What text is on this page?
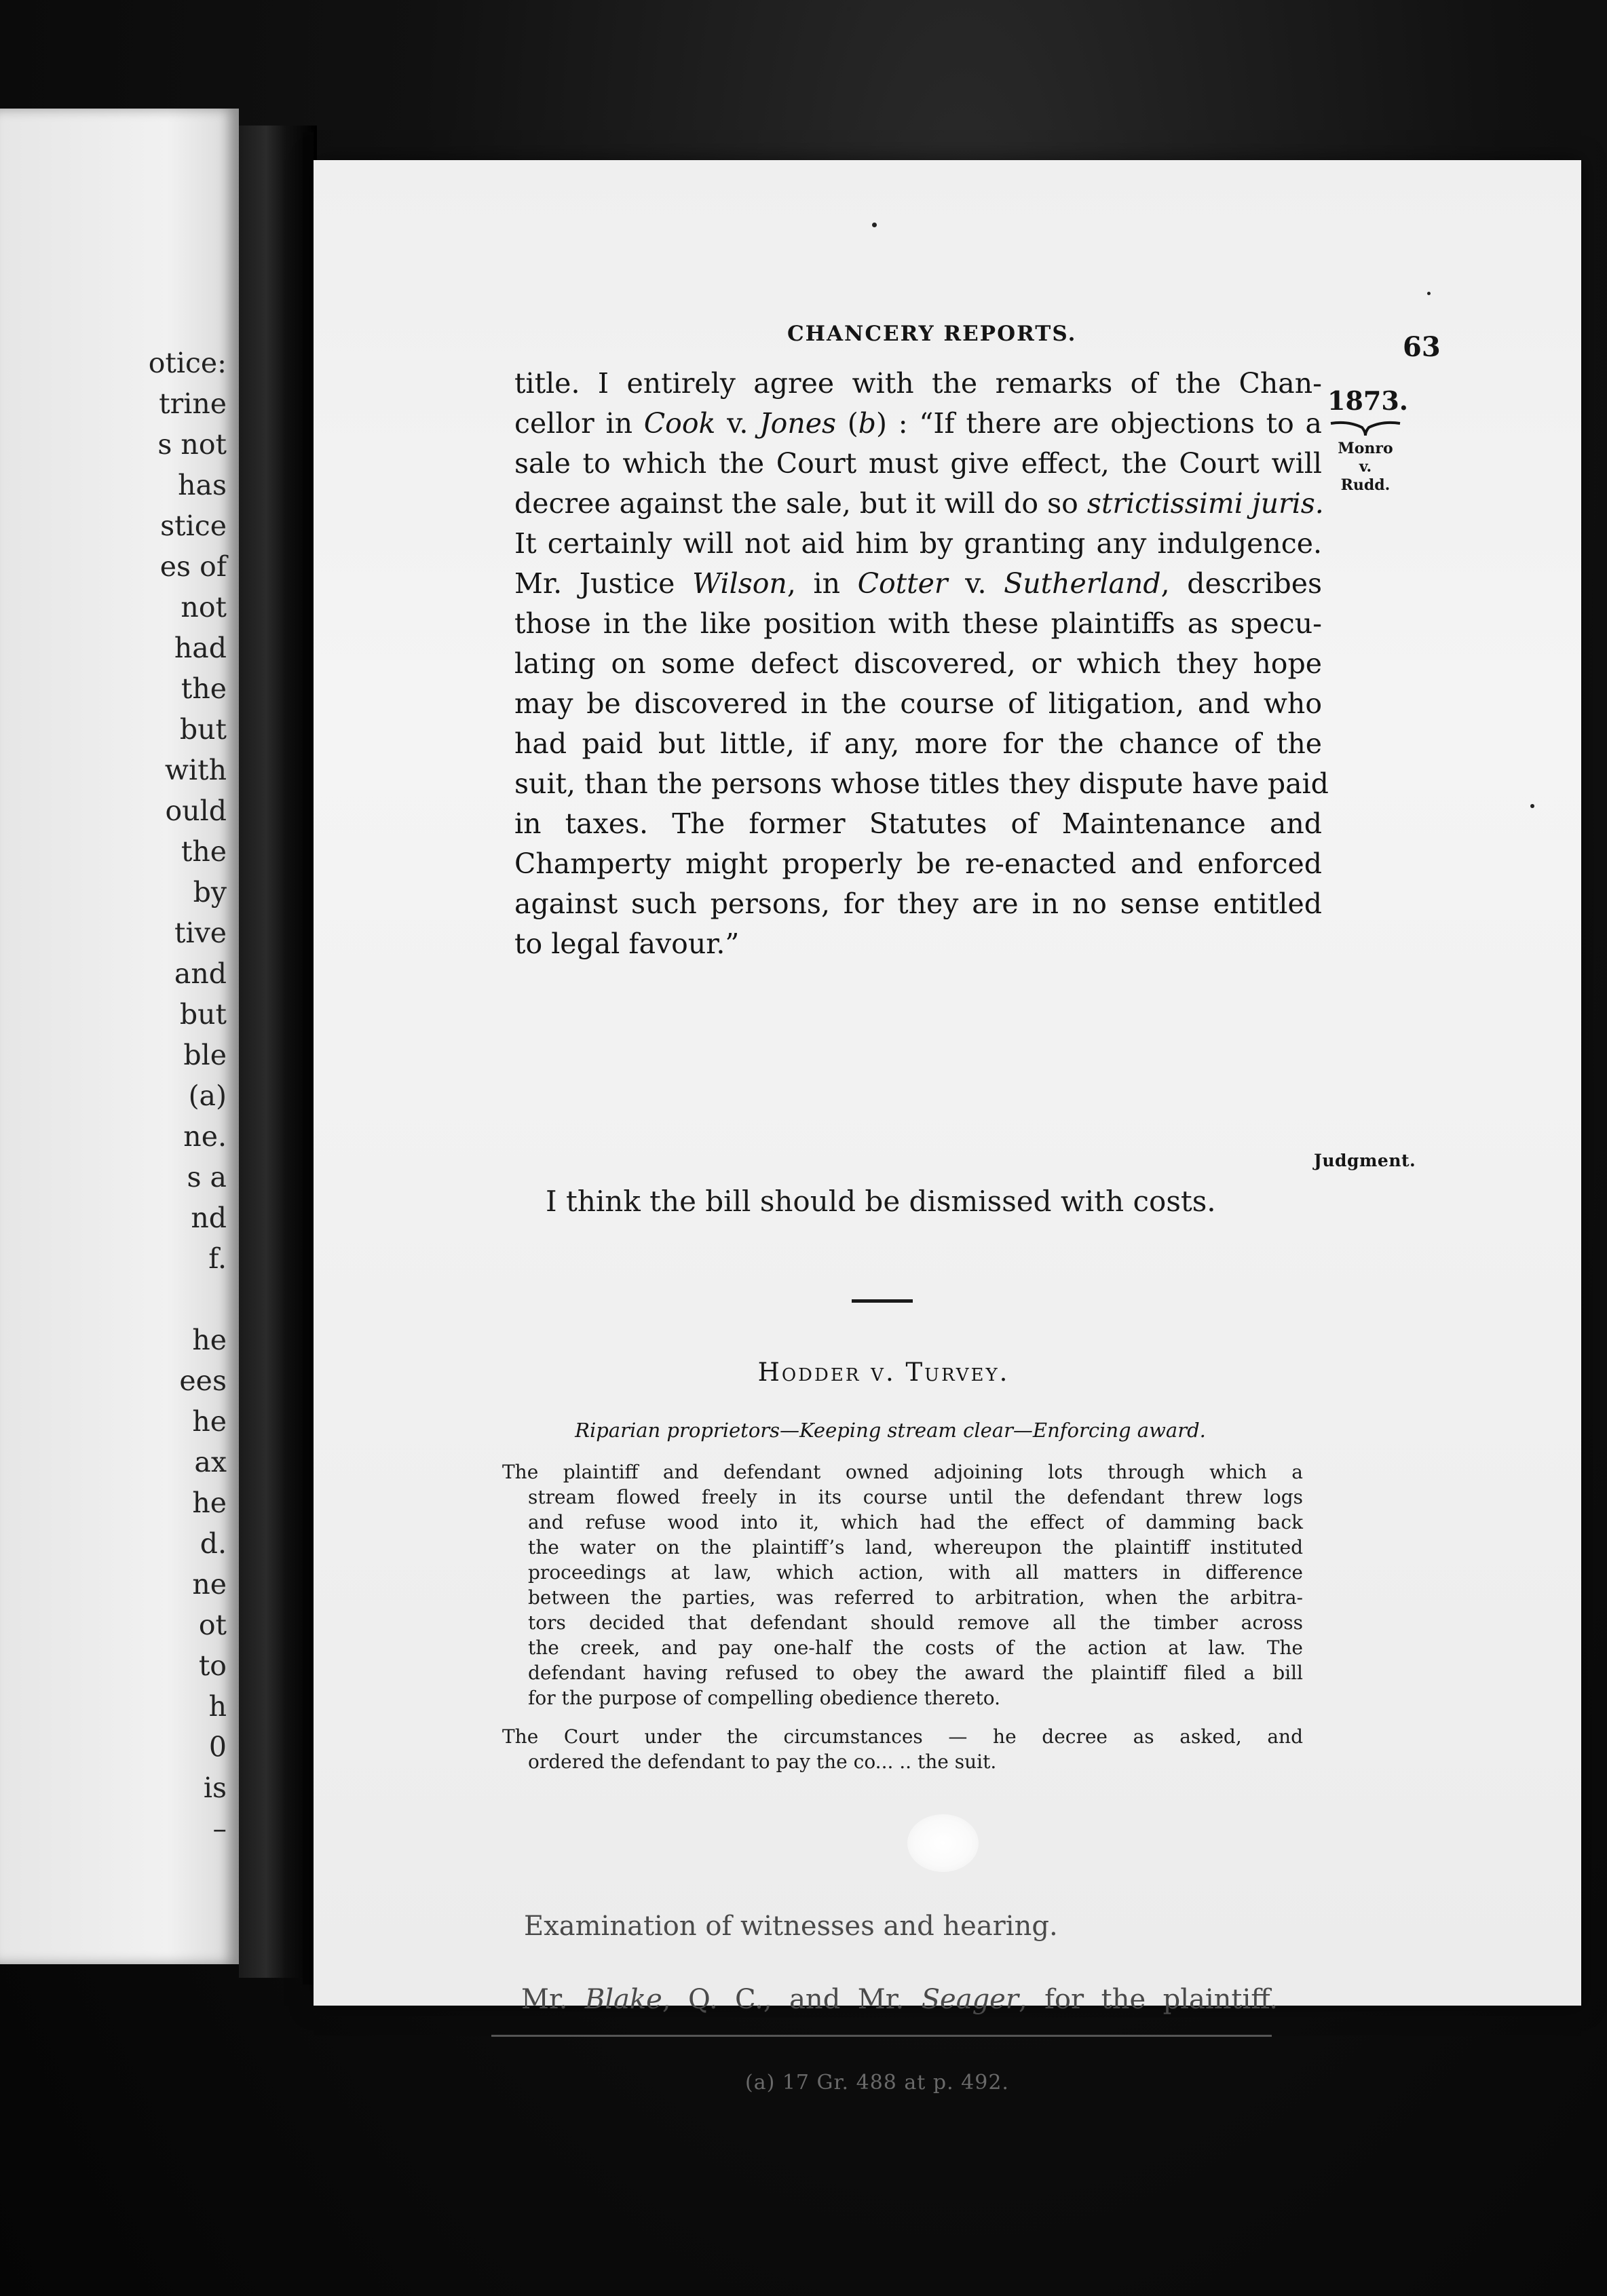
otice:
trine
s not
has
stice
es of
not
had
the
but
with
ould
the
by
tive
and
but
ble
(a)
ne.
s a
nd
f.

he
ees
he
ax
he
d.
ne
ot
to
h
0
is
–
CHANCERY REPORTS.	63
1873.
Monro
v.
Rudd.
Judgment.
title. I entirely agree with the remarks of the Chan-
cellor in Cook v. Jones (b) : “If there are objections to a
sale to which the Court must give effect, the Court will
decree against the sale, but it will do so strictissimi juris.
It certainly will not aid him by granting any indulgence.
Mr. Justice Wilson, in Cotter v. Sutherland, describes
those in the like position with these plaintiffs as specu-
lating on some defect discovered, or which they hope
may be discovered in the course of litigation, and who
had paid but little, if any, more for the chance of the
suit, than the persons whose titles they dispute have paid
in taxes. The former Statutes of Maintenance and
Champerty might properly be re-enacted and enforced
against such persons, for they are in no sense entitled
to legal favour.”
I think the bill should be dismissed with costs.
Hodder v. Turvey.
Riparian proprietors—Keeping stream clear—Enforcing award.
The plaintiff and defendant owned adjoining lots through which a
stream flowed freely in its course until the defendant threw logs
and refuse wood into it, which had the effect of damming back
the water on the plaintiff’s land, whereupon the plaintiff instituted
proceedings at law, which action, with all matters in difference
between the parties, was referred to arbitration, when the arbitra-
tors decided that defendant should remove all the timber across
the creek, and pay one-half the costs of the action at law. The
defendant having refused to obey the award the plaintiff filed a bill
for the purpose of compelling obedience thereto.
The Court under the circumstances — he decree as asked, and
ordered the defendant to pay the co... .. the suit.
Examination of witnesses and hearing.
Mr. Blake, Q. C., and Mr. Seager, for the plaintiff.
(a) 17 Gr. 488 at p. 492.
